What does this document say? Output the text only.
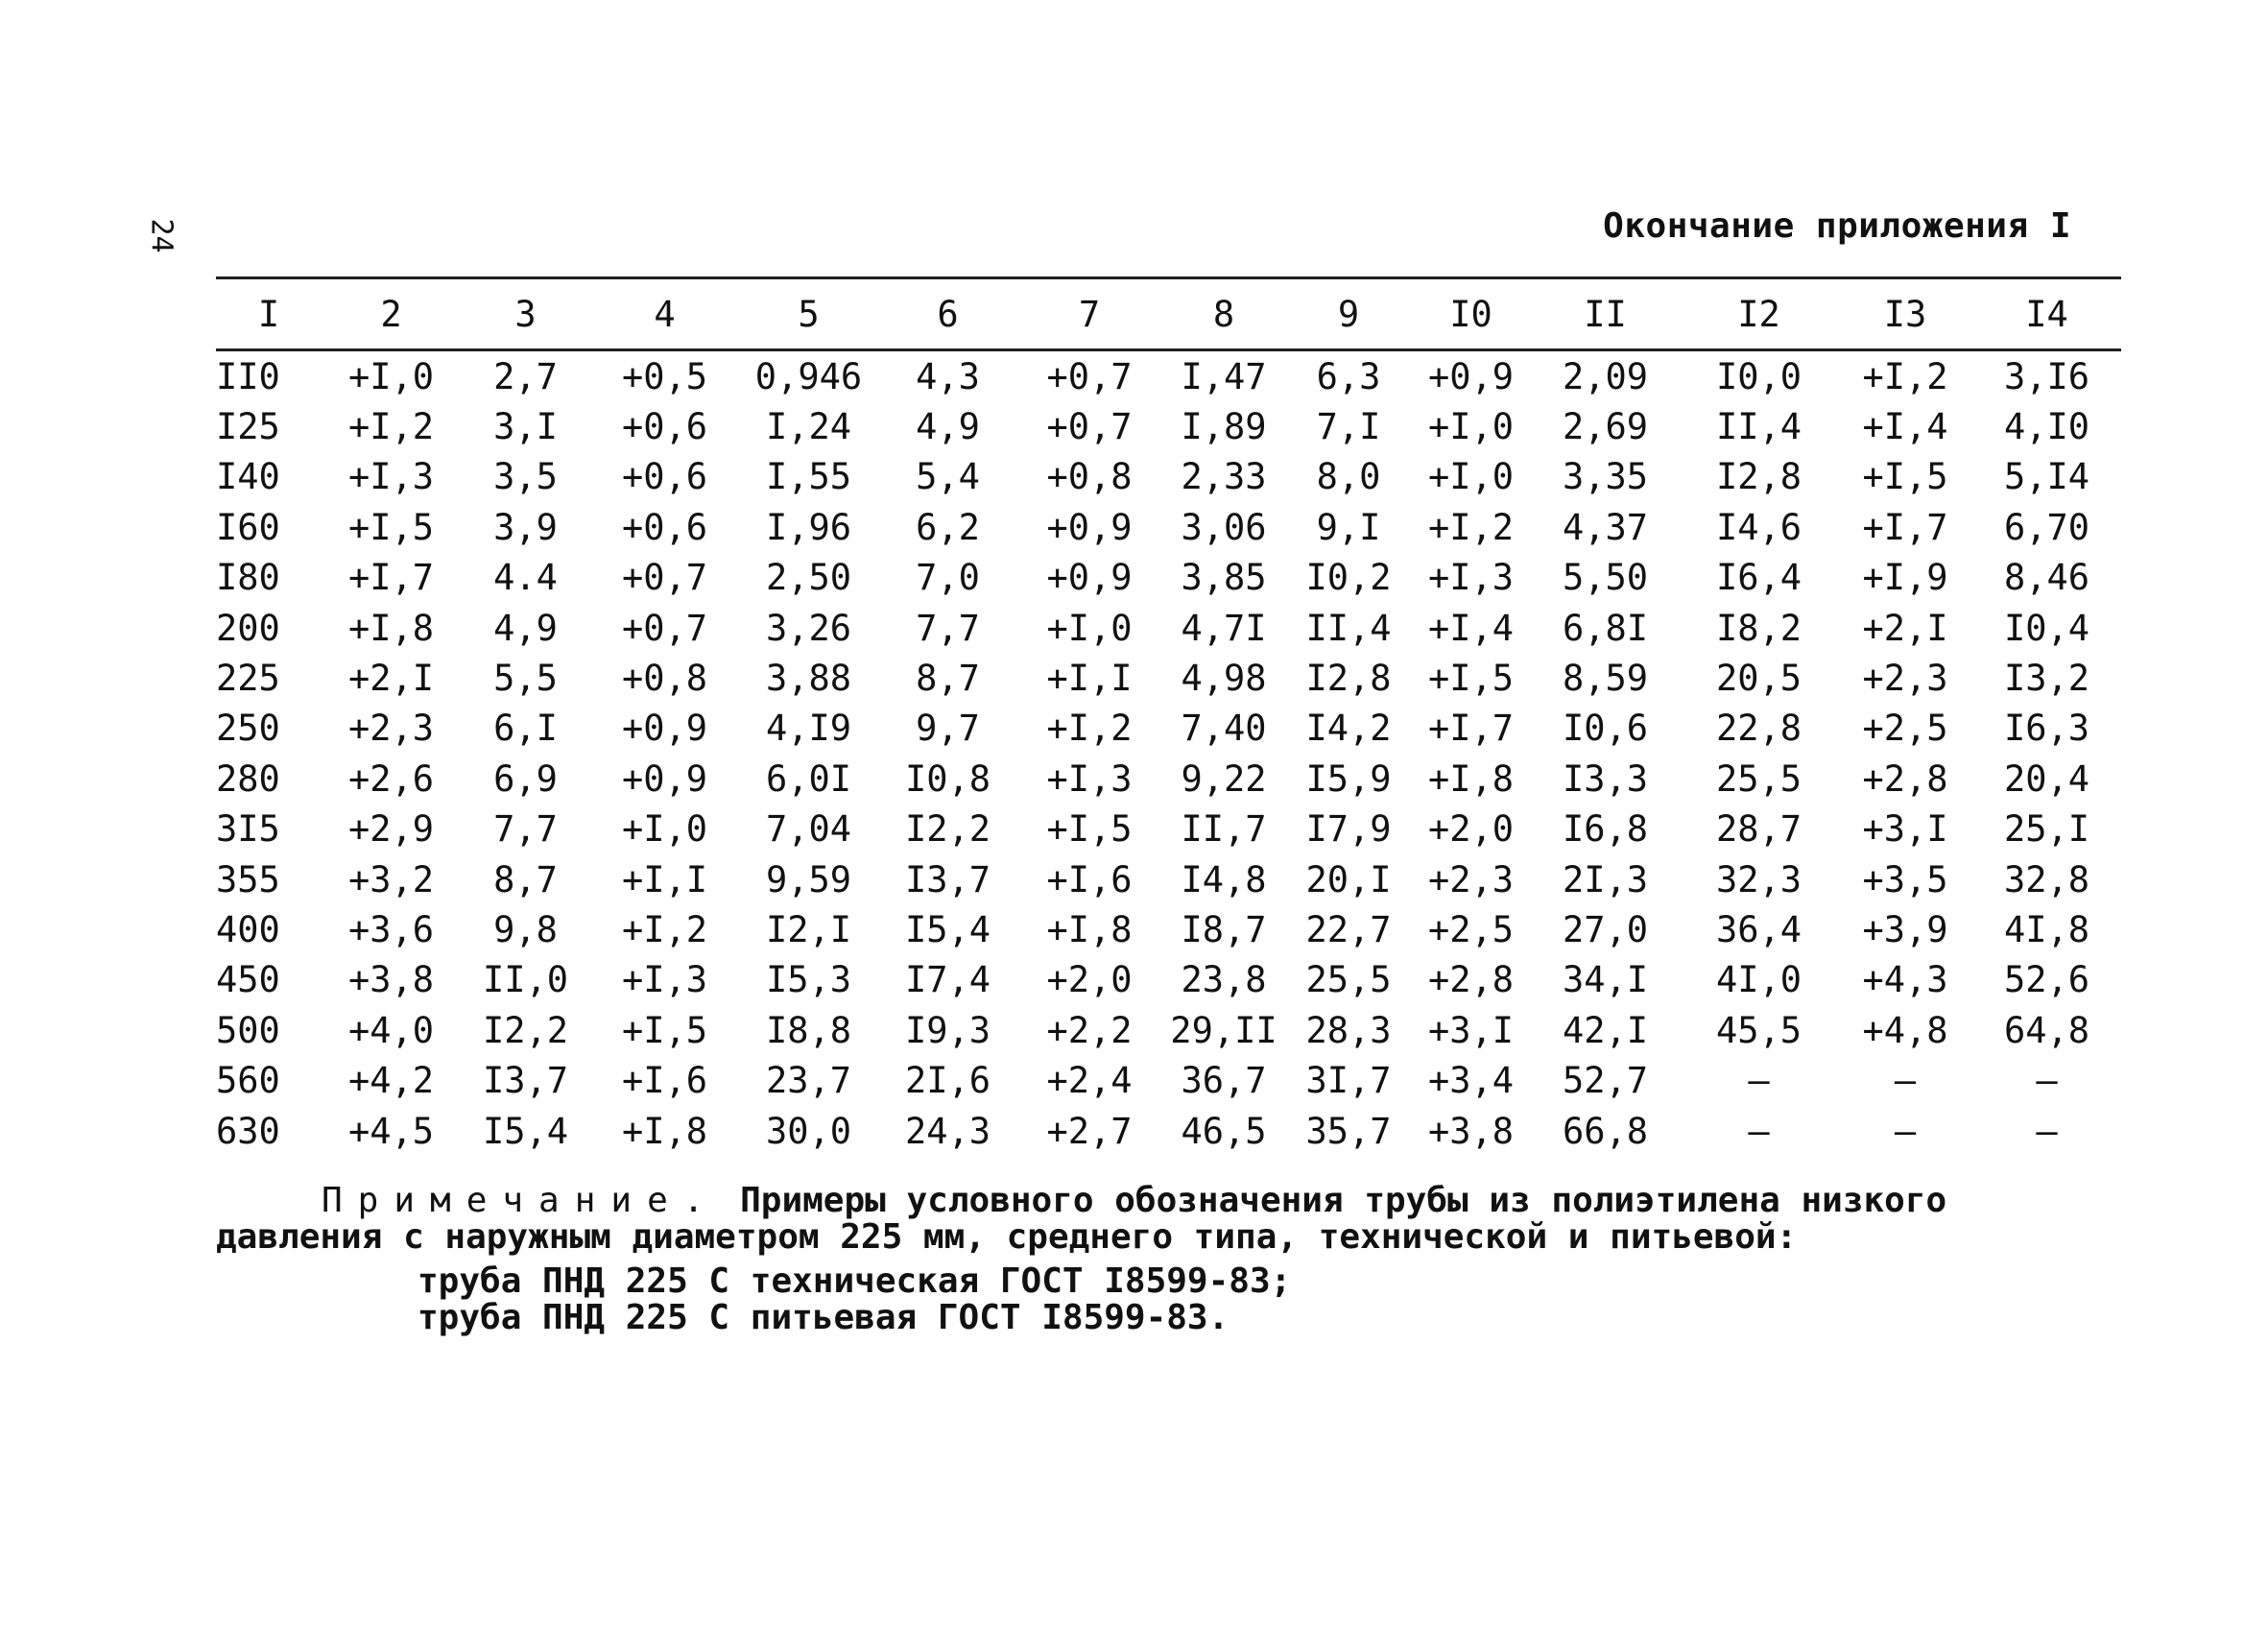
24	Окончание приложения I
I	2	3	4	5	6	7	8	9	I0	II	I2	I3	I4
II0	+I,0	2,7	+0,5	0,946	4,3	+0,7	I,47	6,3	+0,9	2,09	I0,0	+I,2	3,I6
I25	+I,2	3,I	+0,6	I,24	4,9	+0,7	I,89	7,I	+I,0	2,69	II,4	+I,4	4,I0
I40	+I,3	3,5	+0,6	I,55	5,4	+0,8	2,33	8,0	+I,0	3,35	I2,8	+I,5	5,I4
I60	+I,5	3,9	+0,6	I,96	6,2	+0,9	3,06	9,I	+I,2	4,37	I4,6	+I,7	6,70
I80	+I,7	4.4	+0,7	2,50	7,0	+0,9	3,85	I0,2	+I,3	5,50	I6,4	+I,9	8,46
200	+I,8	4,9	+0,7	3,26	7,7	+I,0	4,7I	II,4	+I,4	6,8I	I8,2	+2,I	I0,4
225	+2,I	5,5	+0,8	3,88	8,7	+I,I	4,98	I2,8	+I,5	8,59	20,5	+2,3	I3,2
250	+2,3	6,I	+0,9	4,I9	9,7	+I,2	7,40	I4,2	+I,7	I0,6	22,8	+2,5	I6,3
280	+2,6	6,9	+0,9	6,0I	I0,8	+I,3	9,22	I5,9	+I,8	I3,3	25,5	+2,8	20,4
3I5	+2,9	7,7	+I,0	7,04	I2,2	+I,5	II,7	I7,9	+2,0	I6,8	28,7	+3,I	25,I
355	+3,2	8,7	+I,I	9,59	I3,7	+I,6	I4,8	20,I	+2,3	2I,3	32,3	+3,5	32,8
400	+3,6	9,8	+I,2	I2,I	I5,4	+I,8	I8,7	22,7	+2,5	27,0	36,4	+3,9	4I,8
450	+3,8	II,0	+I,3	I5,3	I7,4	+2,0	23,8	25,5	+2,8	34,I	4I,0	+4,3	52,6
500	+4,0	I2,2	+I,5	I8,8	I9,3	+2,2	29,II	28,3	+3,I	42,I	45,5	+4,8	64,8
560	+4,2	I3,7	+I,6	23,7	2I,6	+2,4	36,7	3I,7	+3,4	52,7	–	–	–
630	+4,5	I5,4	+I,8	30,0	24,3	+2,7	46,5	35,7	+3,8	66,8	–	–	–
Примечание. Примеры условного обозначения трубы из полиэтилена низкого
давления с наружным диаметром 225 мм, среднего типа, технической и питьевой:
труба ПНД 225 С техническая ГОСТ I8599-83;
труба ПНД 225 С питьевая ГОСТ I8599-83.
